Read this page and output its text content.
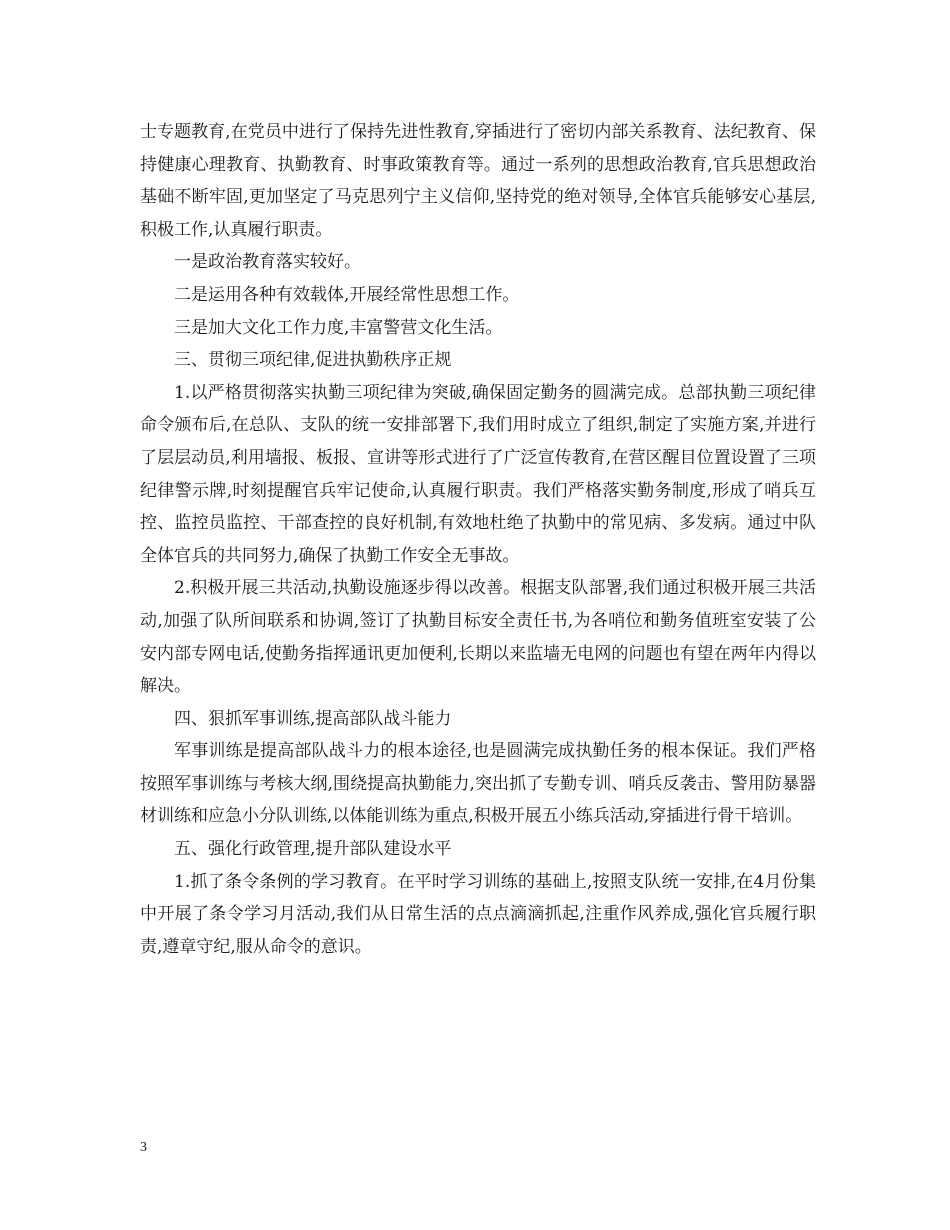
士专题教育,在党员中进行了保持先进性教育,穿插进行了密切内部关系教育、法纪教育、保持健康心理教育、执勤教育、时事政策教育等。通过一系列的思想政治教育,官兵思想政治基础不断牢固,更加坚定了马克思列宁主义信仰,坚持党的绝对领导,全体官兵能够安心基层,积极工作,认真履行职责。

一是政治教育落实较好。

二是运用各种有效载体,开展经常性思想工作。

三是加大文化工作力度,丰富警营文化生活。

三、贯彻三项纪律,促进执勤秩序正规

1.以严格贯彻落实执勤三项纪律为突破,确保固定勤务的圆满完成。总部执勤三项纪律命令颁布后,在总队、支队的统一安排部署下,我们用时成立了组织,制定了实施方案,并进行了层层动员,利用墙报、板报、宣讲等形式进行了广泛宣传教育,在营区醒目位置设置了三项纪律警示牌,时刻提醒官兵牢记使命,认真履行职责。我们严格落实勤务制度,形成了哨兵互控、监控员监控、干部查控的良好机制,有效地杜绝了执勤中的常见病、多发病。通过中队全体官兵的共同努力,确保了执勤工作安全无事故。

2.积极开展三共活动,执勤设施逐步得以改善。根据支队部署,我们通过积极开展三共活动,加强了队所间联系和协调,签订了执勤目标安全责任书,为各哨位和勤务值班室安装了公安内部专网电话,使勤务指挥通讯更加便利,长期以来监墙无电网的问题也有望在两年内得以解决。

四、狠抓军事训练,提高部队战斗能力

军事训练是提高部队战斗力的根本途径,也是圆满完成执勤任务的根本保证。我们严格按照军事训练与考核大纲,围绕提高执勤能力,突出抓了专勤专训、哨兵反袭击、警用防暴器材训练和应急小分队训练,以体能训练为重点,积极开展五小练兵活动,穿插进行骨干培训。

五、强化行政管理,提升部队建设水平

1.抓了条令条例的学习教育。在平时学习训练的基础上,按照支队统一安排,在4月份集中开展了条令学习月活动,我们从日常生活的点点滴滴抓起,注重作风养成,强化官兵履行职责,遵章守纪,服从命令的意识。

3
